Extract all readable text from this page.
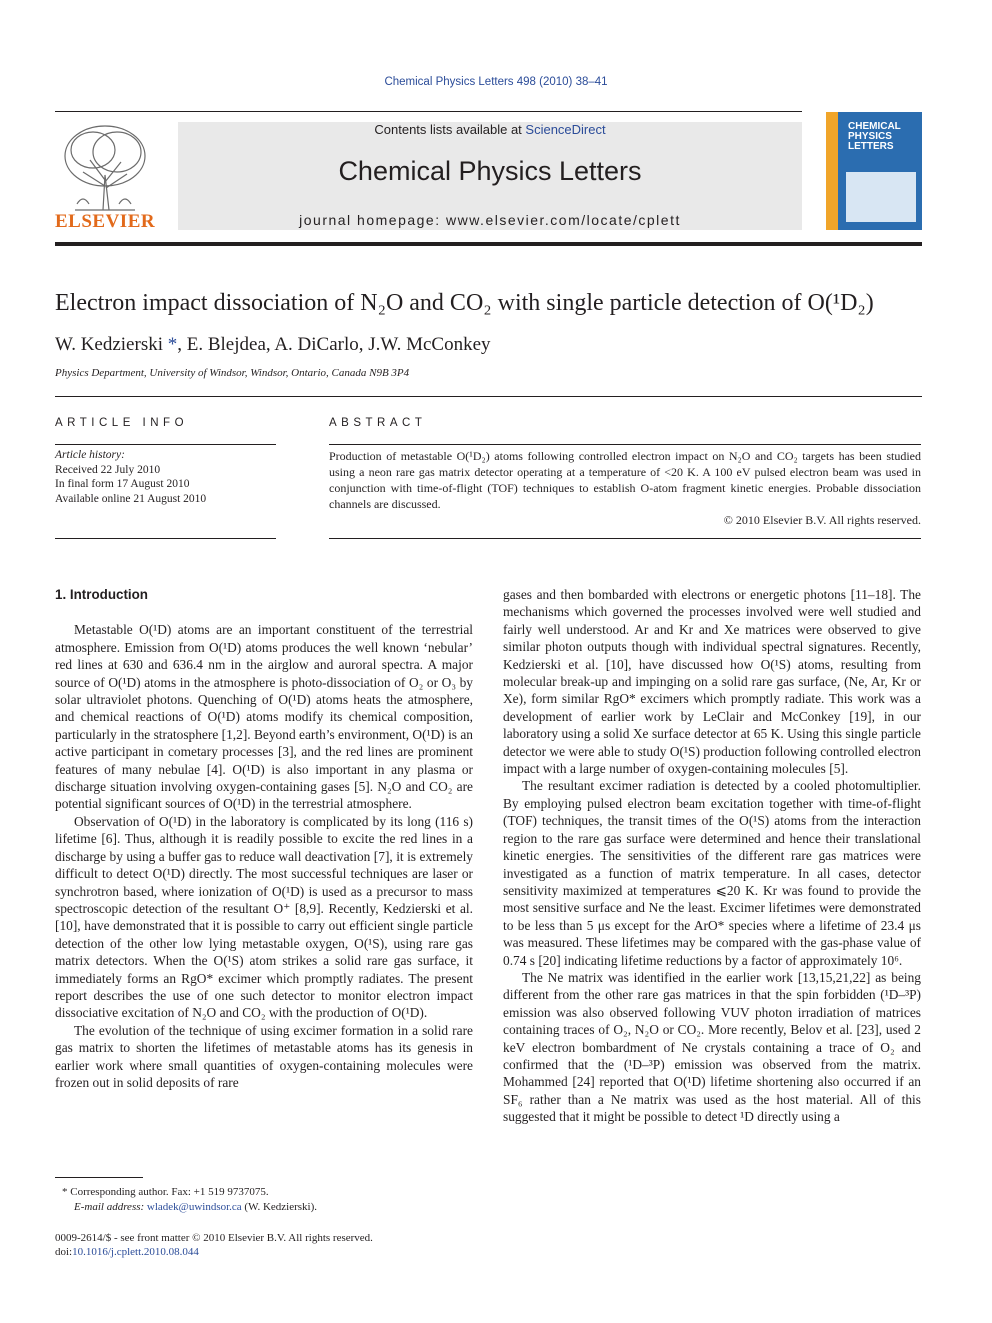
Chemical Physics Letters 498 (2010) 38–41
ELSEVIER
Contents lists available at ScienceDirect
Chemical Physics Letters
journal homepage: www.elsevier.com/locate/cplett
CHEMICAL PHYSICS LETTERS
Electron impact dissociation of N₂O and CO₂ with single particle detection of O(¹D₂)
W. Kedzierski *, E. Blejdea, A. DiCarlo, J.W. McConkey
Physics Department, University of Windsor, Windsor, Ontario, Canada N9B 3P4
ARTICLE INFO
Article history:
Received 22 July 2010
In final form 17 August 2010
Available online 21 August 2010
ABSTRACT
Production of metastable O(¹D₂) atoms following controlled electron impact on N₂O and CO₂ targets has been studied using a neon rare gas matrix detector operating at a temperature of <20 K. A 100 eV pulsed electron beam was used in conjunction with time-of-flight (TOF) techniques to establish O-atom fragment kinetic energies. Probable dissociation channels are discussed.
© 2010 Elsevier B.V. All rights reserved.
1. Introduction

Metastable O(¹D) atoms are an important constituent of the terrestrial atmosphere. Emission from O(¹D) atoms produces the well known ‘nebular’ red lines at 630 and 636.4 nm in the airglow and auroral spectra. A major source of O(¹D) atoms in the atmosphere is photo-dissociation of O₂ or O₃ by solar ultraviolet photons. Quenching of O(¹D) atoms heats the atmosphere, and chemical reactions of O(¹D) atoms modify its chemical composition, particularly in the stratosphere [1,2]. Beyond earth’s environment, O(¹D) is an active participant in cometary processes [3], and the red lines are prominent features of many nebulae [4]. O(¹D) is also important in any plasma or discharge situation involving oxygen-containing gases [5]. N₂O and CO₂ are potential significant sources of O(¹D) in the terrestrial atmosphere.

Observation of O(¹D) in the laboratory is complicated by its long (116 s) lifetime [6]. Thus, although it is readily possible to excite the red lines in a discharge by using a buffer gas to reduce wall deactivation [7], it is extremely difficult to detect O(¹D) directly. The most successful techniques are laser or synchrotron based, where ionization of O(¹D) is used as a precursor to mass spectroscopic detection of the resultant O⁺ [8,9]. Recently, Kedzierski et al. [10], have demonstrated that it is possible to carry out efficient single particle detection of the other low lying metastable oxygen, O(¹S), using rare gas matrix detectors. When the O(¹S) atom strikes a solid rare gas surface, it immediately forms an RgO* excimer which promptly radiates. The present report describes the use of one such detector to monitor electron impact dissociative excitation of N₂O and CO₂ with the production of O(¹D).

The evolution of the technique of using excimer formation in a solid rare gas matrix to shorten the lifetimes of metastable atoms has its genesis in earlier work where small quantities of oxygen-containing molecules were frozen out in solid deposits of rare

gases and then bombarded with electrons or energetic photons [11–18]. The mechanisms which governed the processes involved were well studied and fairly well understood. Ar and Kr and Xe matrices were observed to give similar photon outputs though with individual spectral signatures. Recently, Kedzierski et al. [10], have discussed how O(¹S) atoms, resulting from molecular break-up and impinging on a solid rare gas surface, (Ne, Ar, Kr or Xe), form similar RgO* excimers which promptly radiate. This work was a development of earlier work by LeClair and McConkey [19], in our laboratory using a solid Xe surface detector at 65 K. Using this single particle detector we were able to study O(¹S) production following controlled electron impact with a large number of oxygen-containing molecules [5].

The resultant excimer radiation is detected by a cooled photomultiplier. By employing pulsed electron beam excitation together with time-of-flight (TOF) techniques, the transit times of the O(¹S) atoms from the interaction region to the rare gas surface were determined and hence their translational kinetic energies. The sensitivities of the different rare gas matrices were investigated as a function of matrix temperature. In all cases, detector sensitivity maximized at temperatures ⩽20 K. Kr was found to provide the most sensitive surface and Ne the least. Excimer lifetimes were demonstrated to be less than 5 μs except for the ArO* species where a lifetime of 23.4 μs was measured. These lifetimes may be compared with the gas-phase value of 0.74 s [20] indicating lifetime reductions by a factor of approximately 10⁶.

The Ne matrix was identified in the earlier work [13,15,21,22] as being different from the other rare gas matrices in that the spin forbidden (¹D–³P) emission was also observed following VUV photon irradiation of matrices containing traces of O₂, N₂O or CO₂. More recently, Belov et al. [23], used 2 keV electron bombardment of Ne crystals containing a trace of O₂ and confirmed that the (¹D–³P) emission was observed from the matrix. Mohammed [24] reported that O(¹D) lifetime shortening also occurred if an SF₆ rather than a Ne matrix was used as the host material. All of this suggested that it might be possible to detect ¹D directly using a

* Corresponding author. Fax: +1 519 9737075.
E-mail address: wladek@uwindsor.ca (W. Kedzierski).
0009-2614/$ - see front matter © 2010 Elsevier B.V. All rights reserved.
doi:10.1016/j.cplett.2010.08.044
